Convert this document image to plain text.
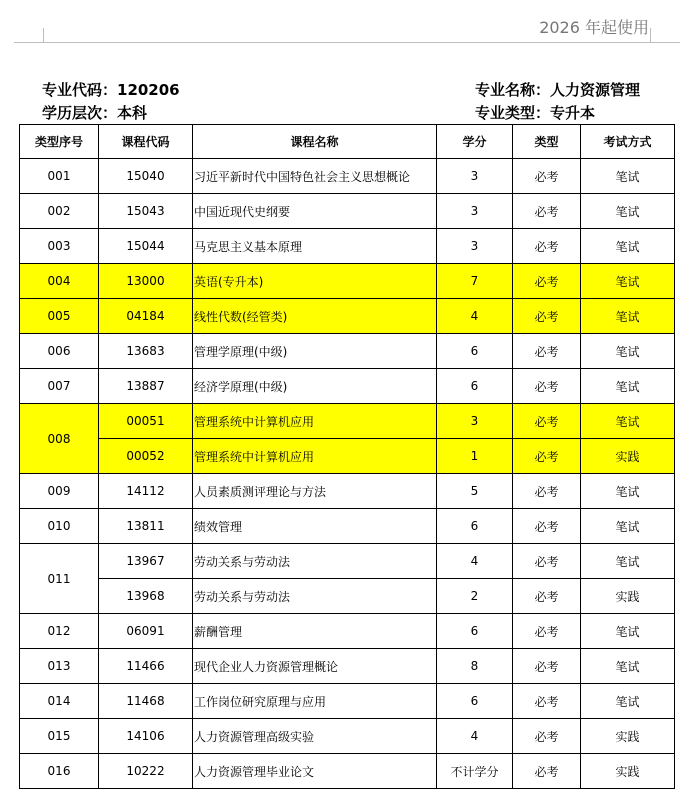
2026 年起使用
专业代码：120206	专业名称：人力资源管理
学历层次：本科	专业类型：专升本
类型序号	课程代码	课程名称	学分	类型	考试方式
001	15040	习近平新时代中国特色社会主义思想概论	3	必考	笔试
002	15043	中国近现代史纲要	3	必考	笔试
003	15044	马克思主义基本原理	3	必考	笔试
004	13000	英语(专升本)	7	必考	笔试
005	04184	线性代数(经管类)	4	必考	笔试
006	13683	管理学原理(中级)	6	必考	笔试
007	13887	经济学原理(中级)	6	必考	笔试
008	00051	管理系统中计算机应用	3	必考	笔试
	00052	管理系统中计算机应用	1	必考	实践
009	14112	人员素质测评理论与方法	5	必考	笔试
010	13811	绩效管理	6	必考	笔试
011	13967	劳动关系与劳动法	4	必考	笔试
	13968	劳动关系与劳动法	2	必考	实践
012	06091	薪酬管理	6	必考	笔试
013	11466	现代企业人力资源管理概论	8	必考	笔试
014	11468	工作岗位研究原理与应用	6	必考	笔试
015	14106	人力资源管理高级实验	4	必考	实践
016	10222	人力资源管理毕业论文	不计学分	必考	实践
